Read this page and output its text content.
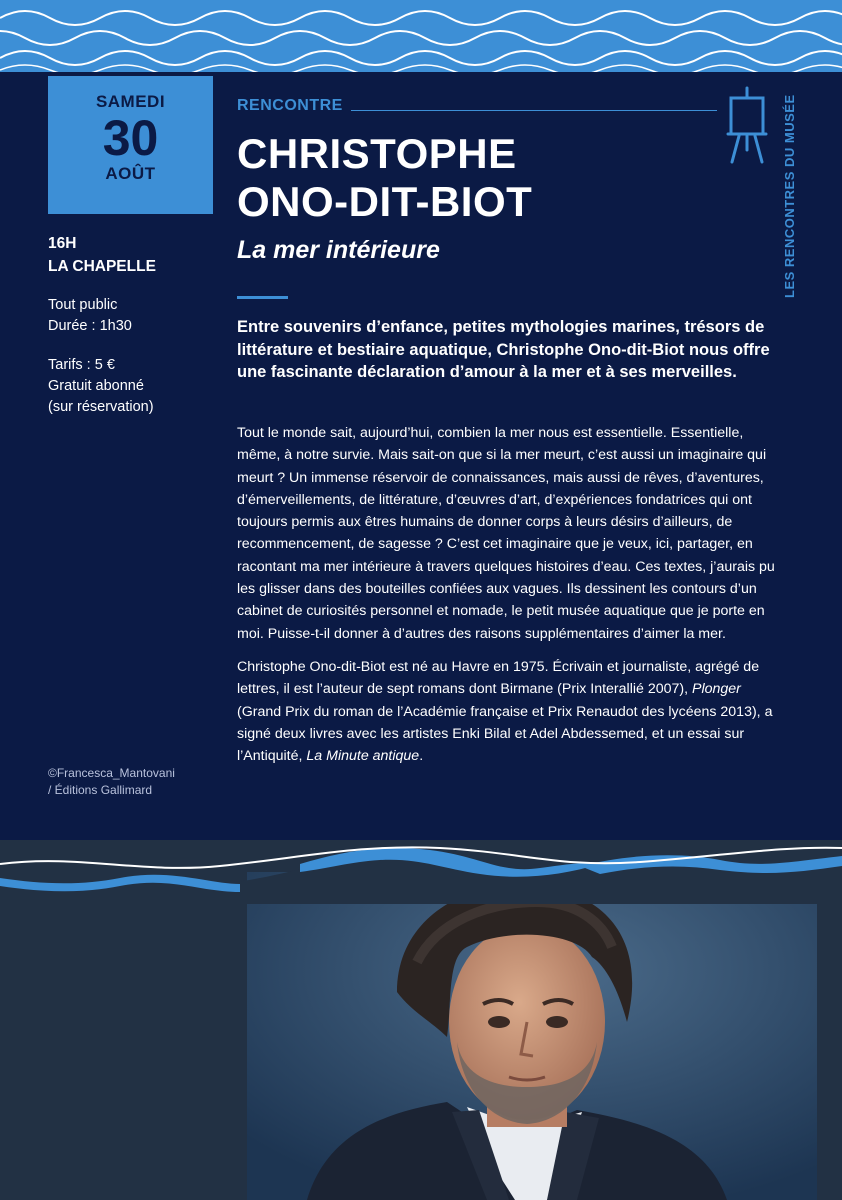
SAMEDI
30
AOÛT
16H
LA CHAPELLE
Tout public
Durée : 1h30
Tarifs : 5 €
Gratuit abonné
(sur réservation)
©Francesca_Mantovani
/ Éditions Gallimard
RENCONTRE
CHRISTOPHE
ONO-DIT-BIOT
La mer intérieure
Entre souvenirs d’enfance, petites mythologies marines, trésors de littérature et bestiaire aquatique, Christophe Ono-dit-Biot nous offre une fascinante déclaration d’amour à la mer et à ses merveilles.

Tout le monde sait, aujourd’hui, combien la mer nous est essentielle. Essentielle, même, à notre survie. Mais sait-on que si la mer meurt, c’est aussi un imaginaire qui meurt ? Un immense réservoir de connaissances, mais aussi de rêves, d’aventures, d’émerveillements, de littérature, d’œuvres d’art, d’expériences fondatrices qui ont toujours permis aux êtres humains de donner corps à leurs désirs d’ailleurs, de recommencement, de sagesse ? C’est cet imaginaire que je veux, ici, partager, en racontant ma mer intérieure à travers quelques histoires d’eau. Ces textes, j’aurais pu les glisser dans des bouteilles confiées aux vagues. Ils dessinent les contours d’un cabinet de curiosités personnel et nomade, le petit musée aquatique que je porte en moi. Puisse-t-il donner à d’autres des raisons supplémentaires d’aimer la mer.

Christophe Ono-dit-Biot est né au Havre en 1975. Écrivain et journaliste, agrégé de lettres, il est l’auteur de sept romans dont Birmane (Prix Interallié 2007), Plonger (Grand Prix du roman de l’Académie française et Prix Renaudot des lycéens 2013), a signé deux livres avec les artistes Enki Bilal et Adel Abdessemed, et un essai sur l’Antiquité, La Minute antique.

LES RENCONTRES DU MUSÉE
